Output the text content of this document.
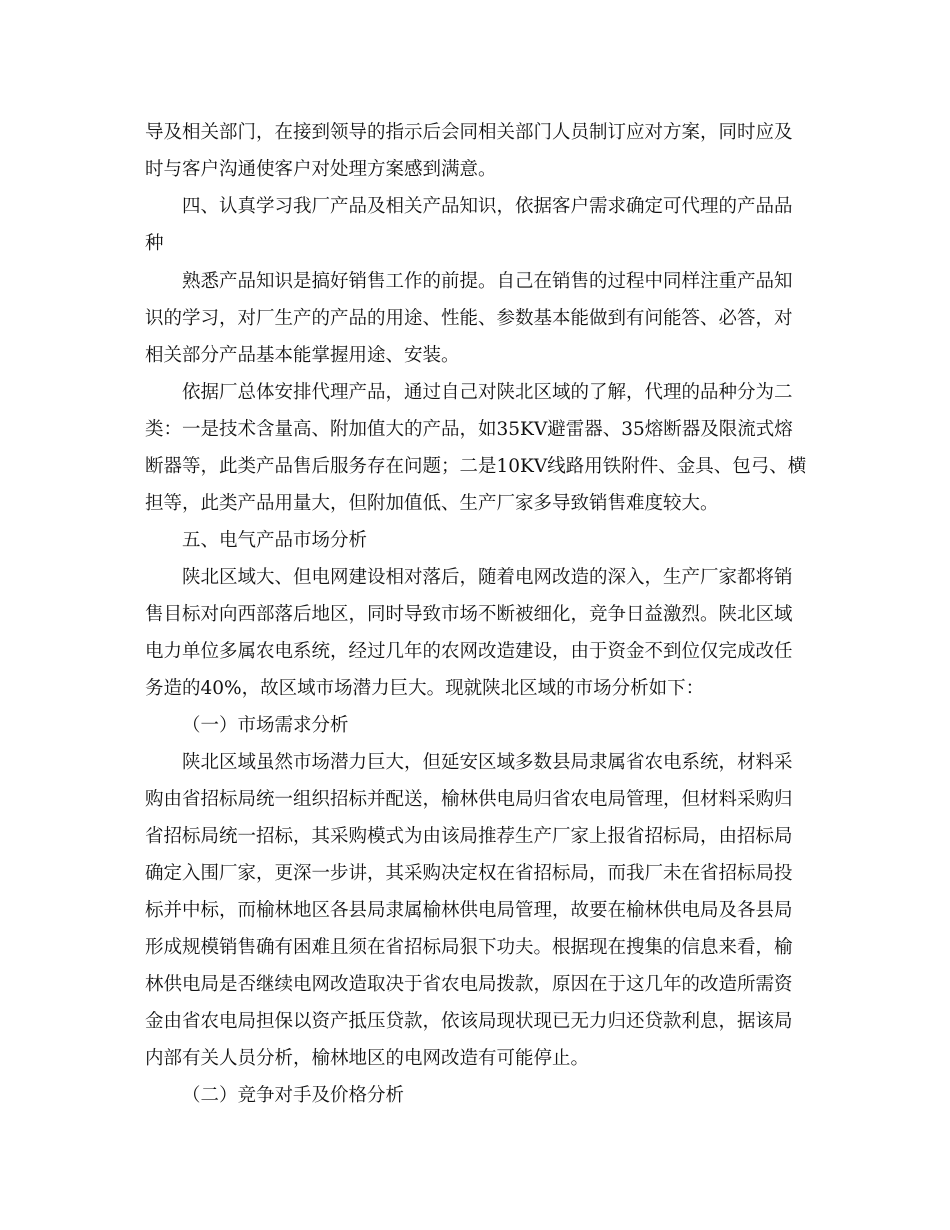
导及相关部门，在接到领导的指示后会同相关部门人员制订应对方案，同时应及
时与客户沟通使客户对处理方案感到满意。
四、认真学习我厂产品及相关产品知识，依据客户需求确定可代理的产品品
种
熟悉产品知识是搞好销售工作的前提。自己在销售的过程中同样注重产品知
识的学习，对厂生产的产品的用途、性能、参数基本能做到有问能答、必答，对
相关部分产品基本能掌握用途、安装。
依据厂总体安排代理产品，通过自己对陕北区域的了解，代理的品种分为二
类：一是技术含量高、附加值大的产品，如35KV避雷器、35熔断器及限流式熔
断器等，此类产品售后服务存在问题；二是10KV线路用铁附件、金具、包弓、横
担等，此类产品用量大，但附加值低、生产厂家多导致销售难度较大。
五、电气产品市场分析
陕北区域大、但电网建设相对落后，随着电网改造的深入，生产厂家都将销
售目标对向西部落后地区，同时导致市场不断被细化，竞争日益激烈。陕北区域
电力单位多属农电系统，经过几年的农网改造建设，由于资金不到位仅完成改任
务造的40%，故区域市场潜力巨大。现就陕北区域的市场分析如下：
（一）市场需求分析
陕北区域虽然市场潜力巨大，但延安区域多数县局隶属省农电系统，材料采
购由省招标局统一组织招标并配送，榆林供电局归省农电局管理，但材料采购归
省招标局统一招标，其采购模式为由该局推荐生产厂家上报省招标局，由招标局
确定入围厂家，更深一步讲，其采购决定权在省招标局，而我厂未在省招标局投
标并中标，而榆林地区各县局隶属榆林供电局管理，故要在榆林供电局及各县局
形成规模销售确有困难且须在省招标局狠下功夫。根据现在搜集的信息来看，榆
林供电局是否继续电网改造取决于省农电局拨款，原因在于这几年的改造所需资
金由省农电局担保以资产抵压贷款，依该局现状现已无力归还贷款利息，据该局
内部有关人员分析，榆林地区的电网改造有可能停止。
（二）竞争对手及价格分析
